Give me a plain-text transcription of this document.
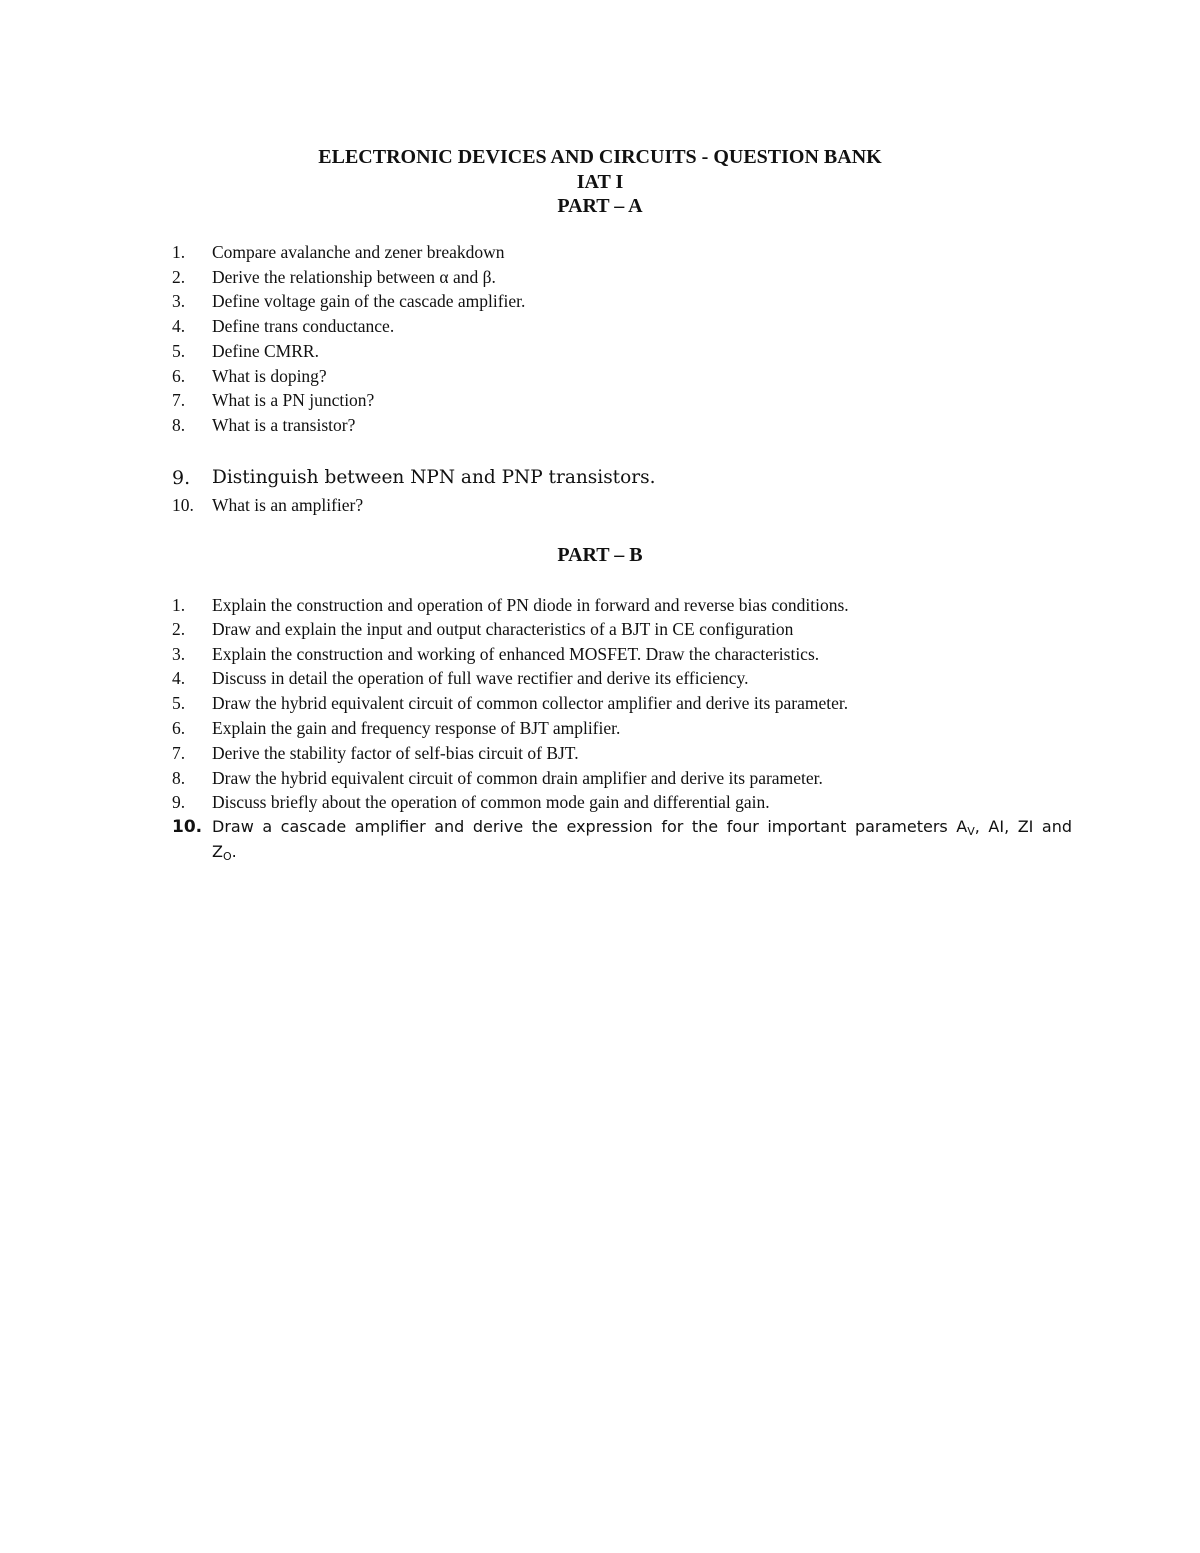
ELECTRONIC DEVICES AND CIRCUITS - QUESTION BANK
IAT I
PART – A
1.	Compare avalanche and zener breakdown
2.	Derive the relationship between α and β.
3.	Define voltage gain of the cascade amplifier.
4.	Define trans conductance.
5.	Define CMRR.
6.	What is doping?
7.	What is a PN junction?
8.	What is a transistor?
9.	Distinguish between NPN and PNP transistors.
10.	What is an amplifier?
PART – B
1.	Explain the construction and operation of PN diode in forward and reverse bias conditions.
2.	Draw and explain the input and output characteristics of a BJT in CE configuration
3.	Explain the construction and working of enhanced MOSFET. Draw the characteristics.
4.	Discuss in detail the operation of full wave rectifier and derive its efficiency.
5.	Draw the hybrid equivalent circuit of common collector amplifier and derive its parameter.
6.	Explain the gain and frequency response of BJT amplifier.
7.	Derive the stability factor of self-bias circuit of BJT.
8.	Draw the hybrid equivalent circuit of common drain amplifier and derive its parameter.
9.	Discuss briefly about the operation of common mode gain and differential gain.
10. Draw a cascade amplifier and derive the expression for the four important parameters $A_V$, AI, ZI and $Z_O$.
